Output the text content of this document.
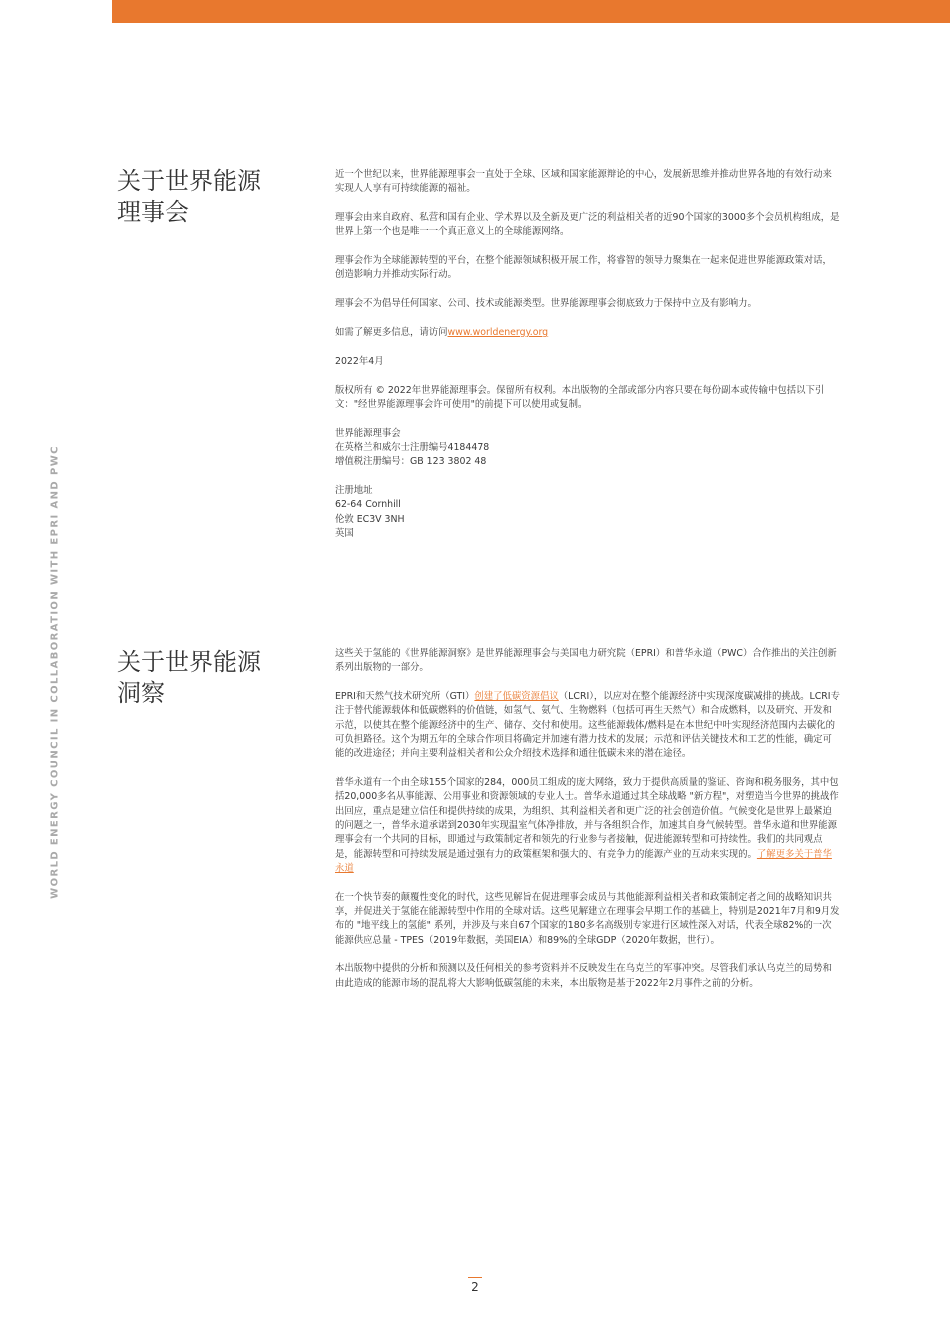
WORLD ENERGY COUNCIL IN COLLABORATION WITH EPRI AND PWC
关于世界能源
理事会

近一个世纪以来，世界能源理事会一直处于全球、区域和国家能源辩论的中心，发展新思维并推动世界各地的有效行动来实现人人享有可持续能源的福祉。

理事会由来自政府、私营和国有企业、学术界以及全新及更广泛的利益相关者的近90个国家的3000多个会员机构组成，是世界上第一个也是唯一一个真正意义上的全球能源网络。

理事会作为全球能源转型的平台，在整个能源领域积极开展工作，将睿智的领导力聚集在一起来促进世界能源政策对话，创造影响力并推动实际行动。

理事会不为倡导任何国家、公司、技术或能源类型。世界能源理事会彻底致力于保持中立及有影响力。

如需了解更多信息，请访问www.worldenergy.org

2022年4月

版权所有 © 2022年世界能源理事会。保留所有权利。本出版物的全部或部分内容只要在每份副本或传输中包括以下引文："经世界能源理事会许可使用"的前提下可以使用或复制。

世界能源理事会
在英格兰和威尔士注册编号4184478
增值税注册编号：GB 123 3802 48

注册地址
62-64 Cornhill
伦敦 EC3V 3NH
英国

关于世界能源
洞察

这些关于氢能的《世界能源洞察》是世界能源理事会与美国电力研究院（EPRI）和普华永道（PWC）合作推出的关注创新系列出版物的一部分。

EPRI和天然气技术研究所（GTI）创建了低碳资源倡议（LCRI），以应对在整个能源经济中实现深度碳减排的挑战。LCRI专注于替代能源载体和低碳燃料的价值链，如氢气、氨气、生物燃料（包括可再生天然气）和合成燃料，以及研究、开发和示范，以使其在整个能源经济中的生产、储存、交付和使用。这些能源载体/燃料是在本世纪中叶实现经济范围内去碳化的可负担路径。这个为期五年的全球合作项目将确定并加速有潜力技术的发展；示范和评估关键技术和工艺的性能，确定可能的改进途径；并向主要利益相关者和公众介绍技术选择和通往低碳未来的潜在途径。

普华永道有一个由全球155个国家的284，000员工组成的庞大网络，致力于提供高质量的鉴证、咨询和税务服务，其中包括20,000多名从事能源、公用事业和资源领域的专业人士。普华永道通过其全球战略 "新方程"，对塑造当今世界的挑战作出回应，重点是建立信任和提供持续的成果，为组织、其利益相关者和更广泛的社会创造价值。气候变化是世界上最紧迫的问题之一，普华永道承诺到2030年实现温室气体净排放，并与各组织合作，加速其自身气候转型。普华永道和世界能源理事会有一个共同的目标，即通过与政策制定者和领先的行业参与者接触，促进能源转型和可持续性。我们的共同观点是，能源转型和可持续发展是通过强有力的政策框架和强大的、有竞争力的能源产业的互动来实现的。了解更多关于普华永道

在一个快节奏的颠覆性变化的时代，这些见解旨在促进理事会成员与其他能源利益相关者和政策制定者之间的战略知识共享，并促进关于氢能在能源转型中作用的全球对话。这些见解建立在理事会早期工作的基础上，特别是2021年7月和9月发布的 "地平线上的氢能" 系列，并涉及与来自67个国家的180多名高级别专家进行区域性深入对话，代表全球82%的一次能源供应总量 - TPES（2019年数据，美国EIA）和89%的全球GDP（2020年数据，世行）。

本出版物中提供的分析和预测以及任何相关的参考资料并不反映发生在乌克兰的军事冲突。尽管我们承认乌克兰的局势和由此造成的能源市场的混乱将大大影响低碳氢能的未来，本出版物是基于2022年2月事件之前的分析。

2
